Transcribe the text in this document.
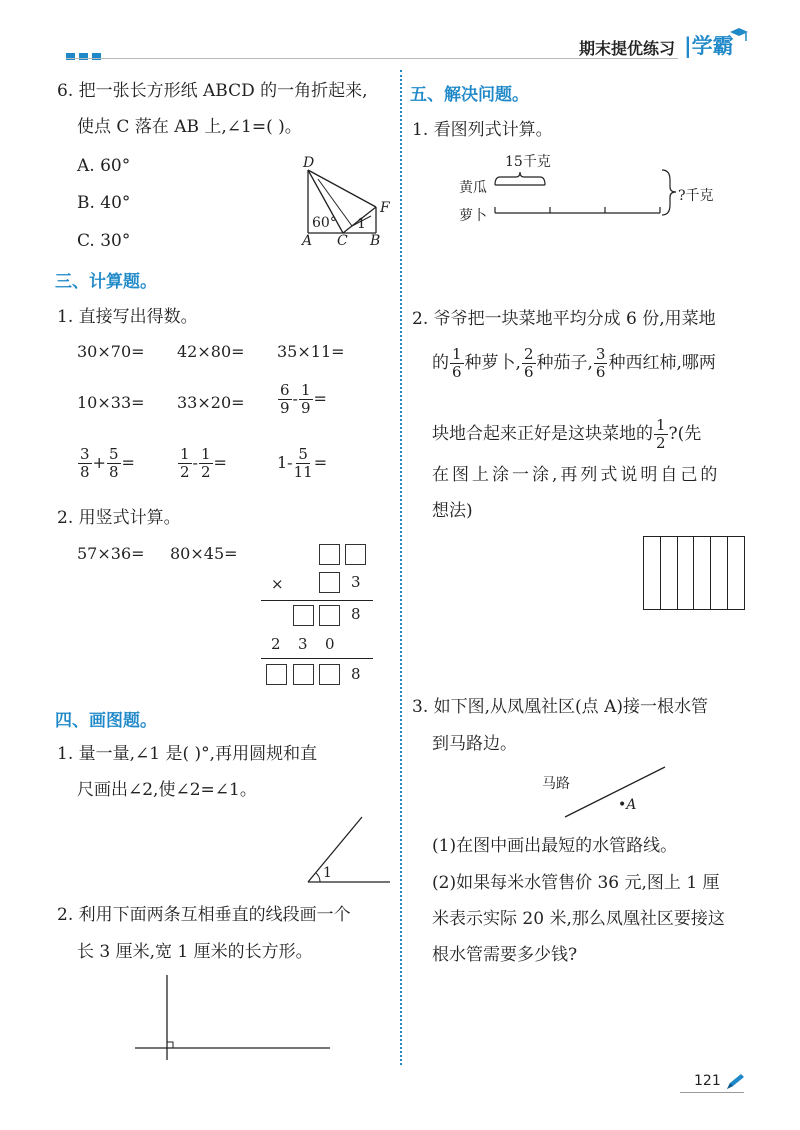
期末提优练习 |学霸
6. 把一张长方形纸 ABCD 的一角折起来,
使点 C 落在 AB 上,∠1=( )。
A. 60°
B. 40°
C. 30°
D
F
A C B
60° 1
三、计算题。
1. 直接写出得数。
30×70= 42×80= 35×11=
$10\times 33= 33\times 20= \frac{6}{9} - \frac{1}{9}$ =
$\frac{3}{8} + \frac{5}{8}$ =	$\frac{1}{2} - \frac{1}{2}$ =	$1- \frac{5}{11}$ =
2. 用竖式计算。
57×36= 80×45=
×	3
8
2 3 0
8
四、画图题。
1. 量一量,∠1 是( )°,再用圆规和直
尺画出∠2,使∠2=∠1。
1
2. 利用下面两条互相垂直的线段画一个
长 3 厘米,宽 1 厘米的长方形。
五、解决问题。
1. 看图列式计算。
15千克
黄瓜
萝卜
?千克
2. 爷爷把一块菜地平均分成 6 份,用菜地
的 $\frac{1}{6}$ 种萝卜, $\frac{2}{6}$ 种茄子, $\frac{3}{6}$ 种西红柿,哪两
块地合起来正好是这块菜地的 $\frac{1}{2}$ ?(先
在图上涂一涂,再列式说明自己的
想法)
3. 如下图,从凤凰社区(点 A)接一根水管
到马路边。
马路
•A
(1)在图中画出最短的水管路线。
(2)如果每米水管售价 36 元,图上 1 厘
米表示实际 20 米,那么凤凰社区要接这
根水管需要多少钱?
121
